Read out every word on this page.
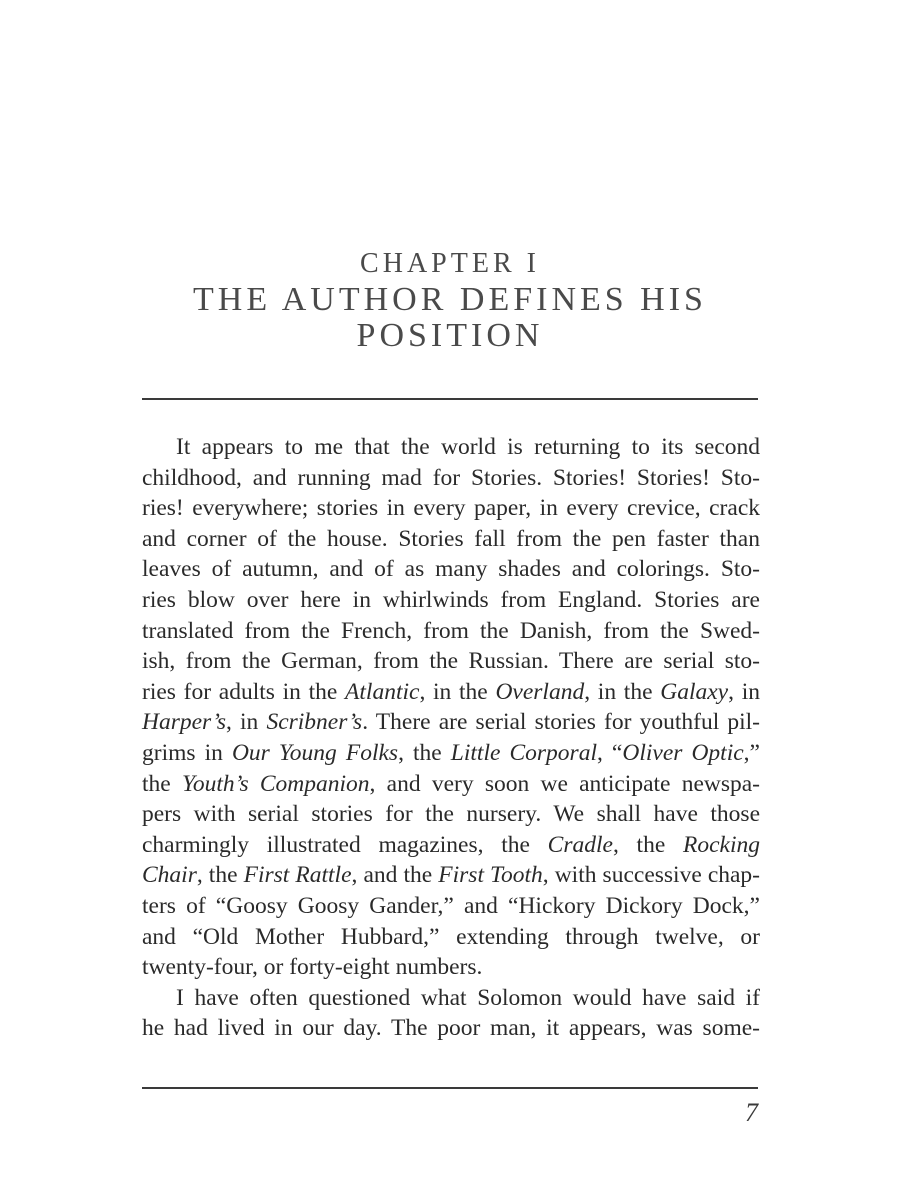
CHAPTER I
THE AUTHOR DEFINES HIS POSITION
It appears to me that the world is returning to its second
childhood, and running mad for Stories. Stories! Stories! Sto-
ries! everywhere; stories in every paper, in every crevice, crack
and corner of the house. Stories fall from the pen faster than
leaves of autumn, and of as many shades and colorings. Sto-
ries blow over here in whirlwinds from England. Stories are
translated from the French, from the Danish, from the Swed-
ish, from the German, from the Russian. There are serial sto-
ries for adults in the Atlantic, in the Overland, in the Galaxy, in
Harper’s, in Scribner’s. There are serial stories for youthful pil-
grims in Our Young Folks, the Little Corporal, “Oliver Optic,”
the Youth’s Companion, and very soon we anticipate newspa-
pers with serial stories for the nursery. We shall have those
charmingly illustrated magazines, the Cradle, the Rocking
Chair, the First Rattle, and the First Tooth, with successive chap-
ters of “Goosy Goosy Gander,” and “Hickory Dickory Dock,”
and “Old Mother Hubbard,” extending through twelve, or
twenty-four, or forty-eight numbers.
I have often questioned what Solomon would have said if
he had lived in our day. The poor man, it appears, was some-
7
